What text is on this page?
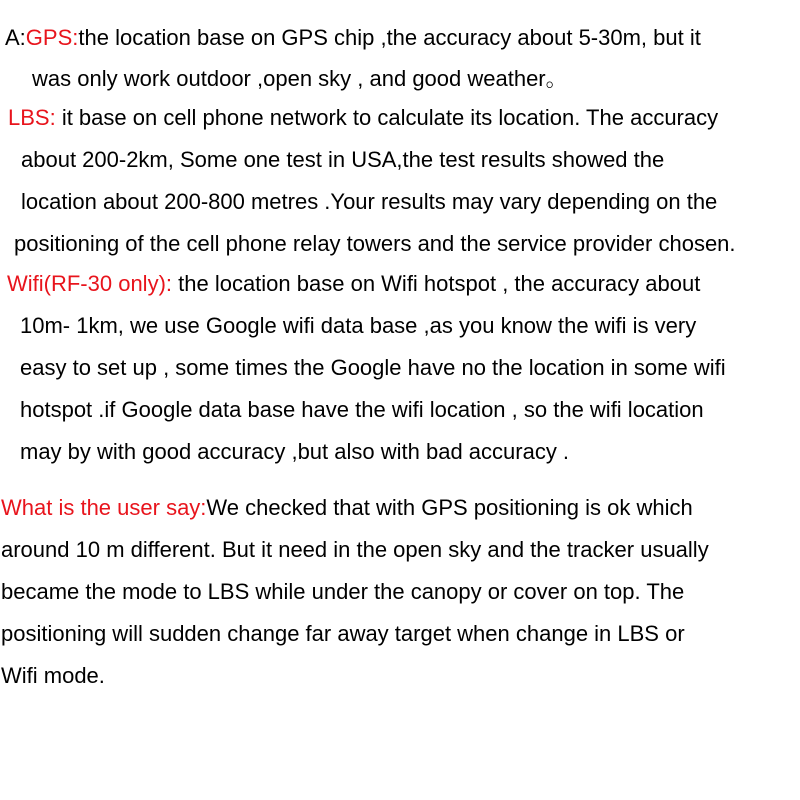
A:GPS:the location base on GPS chip ,the accuracy about 5-30m, but it
was only work outdoor ,open sky , and good weather。
LBS: it base on cell phone network to calculate its location. The accuracy
about 200-2km, Some one test in USA,the test results showed the
location about 200-800 metres .Your results may vary depending on the
positioning of the cell phone relay towers and the service provider chosen.
Wifi(RF-30 only): the location base on Wifi hotspot , the accuracy about
10m- 1km, we use Google wifi data base ,as you know the wifi is very
easy to set up , some times the Google have no the location in some wifi
hotspot .if Google data base have the wifi location , so the wifi location
may by with good accuracy ,but also with bad accuracy .
What is the user say:We checked that with GPS positioning is ok which
around 10 m different. But it need in the open sky and the tracker usually
became the mode to LBS while under the canopy or cover on top. The
positioning will sudden change far away target when change in LBS or
Wifi mode.
